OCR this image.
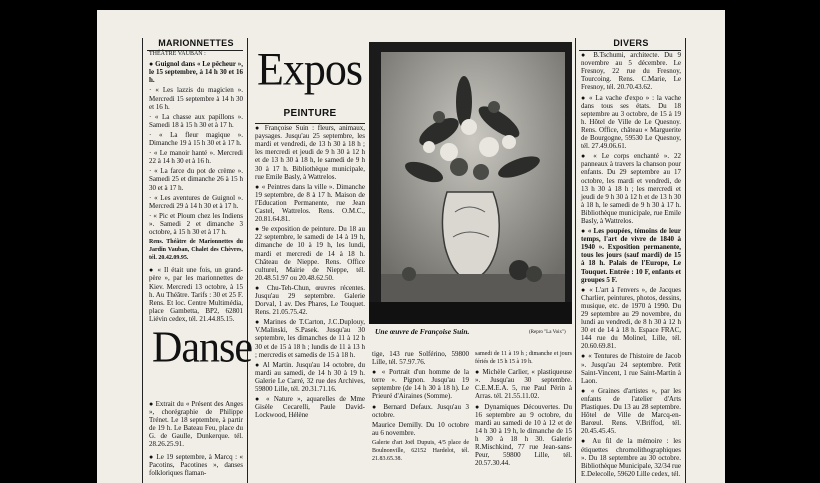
MARIONNETTES

THÉÂTRE VAUBAN :

● Guignol dans « Le pêcheur », le 15 septembre, à 14 h 30 et 16 h.

· « Les lazzis du magicien ». Mercredi 15 septembre à 14 h 30 et 16 h.

· « La chasse aux papillons ». Samedi 18 à 15 h 30 et à 17 h.

· « La fleur magique ». Dimanche 19 à 15 h 30 et à 17 h.

· « Le manoir hanté ». Mercredi 22 à 14 h 30 et à 16 h.

· « La farce du pot de crème ». Samedi 25 et dimanche 26 à 15 h 30 et à 17 h.

· « Les aventures de Guignol ». Mercredi 29 à 14 h 30 et à 17 h.

· « Pic et Ploum chez les Indiens ». Samedi 2 et dimanche 3 octobre, à 15 h 30 et à 17 h.

Rens. Théâtre de Marionnettes du Jardin Vauban, Chalet des Chèvres, tél. 20.42.09.95.

● « Il était une fois, un grand-père », par les marionnettes de Kiev. Mercredi 13 octobre, à 15 h. Au Théâtre. Tarifs : 30 et 25 F. Rens. Et loc. Centre Multimédia, place Gambetta, BP2, 62801 Liévin cedex, tél. 21.44.85.15.

Danse

● Extrait du « Présent des Anges », chorégraphie de Philippe Trénet. Le 18 septembre, à partir de 19 h. Le Bateau Feu, place du G. de Gaulle, Dunkerque. tél. 28.26.25.91.

● Le 19 septembre, à Marcq : « Pacotins, Pacotines », danses folkloriques flaman-

Expos
PEINTURE

● Françoise Suin : fleurs, animaux, paysages. Jusqu'au 25 septembre, les mardi et vendredi, de 13 h 30 à 18 h ; les mercredi et jeudi de 9 h 30 à 12 h et de 13 h 30 à 18 h, le samedi de 9 h 30 à 17 h. Bibliothèque municipale, rue Emile Basly, à Wattrelos.

● « Peintres dans la ville ». Dimanche 19 septembre, de 8 à 17 h. Maison de l'Education Permanente, rue Jean Castel, Wattrelos. Rens. O.M.C., 20.81.64.81.

● 9e exposition de peinture. Du 18 au 22 septembre, le samedi de 14 à 19 h, dimanche de 10 à 19 h, les lundi, mardi et mercredi de 14 à 18 h. Château de Nieppe. Rens. Office culturel, Mairie de Nieppe, tél. 20.48.51.97 ou 20.48.62.50.

● Chu-Teh-Chun, œuvres récentes. Jusqu'au 29 septembre. Galerie Dorval, 1 av. Des Phares, Le Touquet. Rens. 21.05.75.42.

● Marines de T.Carton, J.C.Duplouy, V.Malinski, S.Pasek. Jusqu'au 30 septembre, les dimanches de 11 à 12 h 30 et de 15 à 18 h ; lundis de 11 à 13 h ; mercredis et samedis de 15 à 18 h.

● Al Martin. Jusqu'au 14 octobre, du mardi au samedi, de 14 h 30 à 19 h. Galerie Le Carré, 32 rue des Archives, 59800 Lille, tél. 20.31.71.16.

● « Nature », aquarelles de Mme Gisèle Cecarelli, Paule David-Lockwood, Hélène

Une œuvre de Françoise Suin.	(Repro "La Voix")

tige, 143 rue Solférino, 59800 Lille, tél. 57.97.76.

● « Portrait d'un homme de la terre ». Pignon. Jusqu'au 19 septembre (de 14 h 30 à 18 h). Le Prieuré d'Airaines (Somme).

● Bernard Defaux. Jusqu'au 3 octobre.

Maurice Demilly. Du 10 octobre au 6 novembre.

Galerie d'art Joël Dupuis, 4/5 place de Boulnonville, 62152 Hardelot, tél. 21.83.65.38.

samedi de 11 à 19 h ; dimanche et jours fériés de 15 h 15 à 19 h.

● Michèle Carlier, « plastiqueuse ». Jusqu'au 30 septembre. C.E.M.E.A. 5, rue Paul Périn à Arras. tél. 21.55.11.02.

● Dynamiques Découvertes. Du 16 septembre au 9 octobre, du mardi au samedi de 10 à 12 et de 14 h 30 à 19 h, le dimanche de 15 h 30 à 18 h 30. Galerie R.Mischkind, 77 rue Jean-sans-Peur, 59800 Lille, tél. 20.57.30.44.

DIVERS

● B.Tschumi, architecte. Du 9 novembre au 5 décembre. Le Fresnoy, 22 rue du Fresnoy, Tourcoing. Rens. C.Marie, Le Fresnoy, tél. 20.70.43.62.

● « La vache d'expo » : la vache dans tous ses états. Du 18 septembre au 3 octobre, de 15 à 19 h. Hôtel de Ville de Le Quesnoy. Rens. Office, château « Marguerite de Bourgogne, 59530 Le Quesnoy, tél. 27.49.06.61.

● « Le corps enchanté ». 22 panneaux à travers la chanson pour enfants. Du 29 septembre au 17 octobre, les mardi et vendredi, de 13 h 30 à 18 h ; les mercredi et jeudi de 9 h 30 à 12 h et de 13 h 30 à 18 h, le samedi de 9 h 30 à 17 h. Bibliothèque municipale, rue Emile Basly, à Wattrelos.

● « Les poupées, témoins de leur temps, l'art de vivre de 1840 à 1940 ». Exposition permanente, tous les jours (sauf mardi) de 15 à 18 h. Palais de l'Europe, Le Touquet. Entrée : 10 F, enfants et groupes 5 F.

● « L'art à l'envers », de Jacques Charlier, peintures, photos, dessins, musique, etc. de 1970 à 1990. Du 29 septembre au 29 novembre, du lundi au vendredi, de 8 h 30 à 12 h 30 et de 14 à 18 h. Espace FRAC, 144 rue du Molinel, Lille, tél. 20.60.69.81.

● « Tentures de l'histoire de Jacob ». Jusqu'au 24 septembre. Petit Saint-Vincent, 1 rue Saint-Martin à Laon.

● « Graines d'artistes », par les enfants de l'atelier d'Arts Plastiques. Du 13 au 28 septembre. Hôtel de Ville de Marcq-en-Barœul. Rens. V.Briffod, tél. 20.45.45.45.

● Au fil de la mémoire : les étiquettes chromolithographiques ». Du 18 septembre au 30 octobre. Bibliothèque Municipale, 32/34 rue E.Delecolle, 59620 Lille cedex, tél.
